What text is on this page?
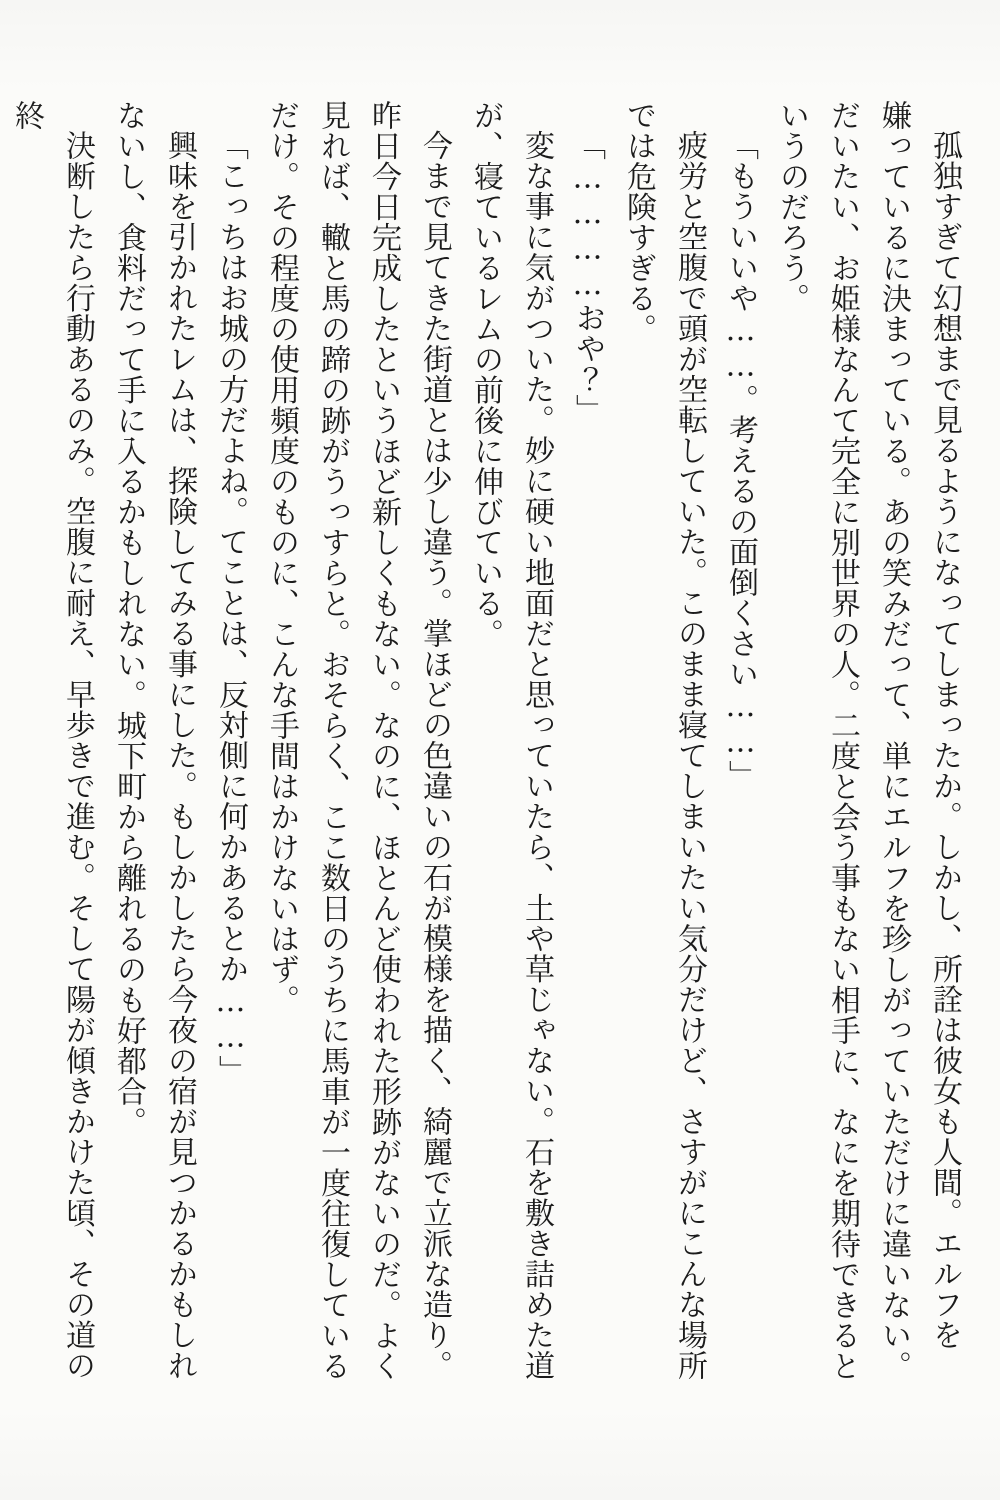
孤独すぎて幻想まで見るようになってしまったか。しかし、所詮は彼女も人間。エルフを嫌っているに決まっている。あの笑みだって、単にエルフを珍しがっていただけに違いない。だいたい、お姫様なんて完全に別世界の人。二度と会う事もない相手に、なにを期待できるというのだろう。

「もういいや……。考えるの面倒くさい……」

疲労と空腹で頭が空転していた。このまま寝てしまいたい気分だけど、さすがにこんな場所では危険すぎる。

「…………おや？」

変な事に気がついた。妙に硬い地面だと思っていたら、土や草じゃない。石を敷き詰めた道が、寝ているレムの前後に伸びている。

今まで見てきた街道とは少し違う。掌ほどの色違いの石が模様を描く、綺麗で立派な造り。昨日今日完成したというほど新しくもない。なのに、ほとんど使われた形跡がないのだ。よく見れば、轍と馬の蹄の跡がうっすらと。おそらく、ここ数日のうちに馬車が一度往復しているだけ。その程度の使用頻度のものに、こんな手間はかけないはず。

「こっちはお城の方だよね。てことは、反対側に何かあるとか……」

興味を引かれたレムは、探険してみる事にした。もしかしたら今夜の宿が見つかるかもしれないし、食料だって手に入るかもしれない。城下町から離れるのも好都合。

決断したら行動あるのみ。空腹に耐え、早歩きで進む。そして陽が傾きかけた頃、その道の終
